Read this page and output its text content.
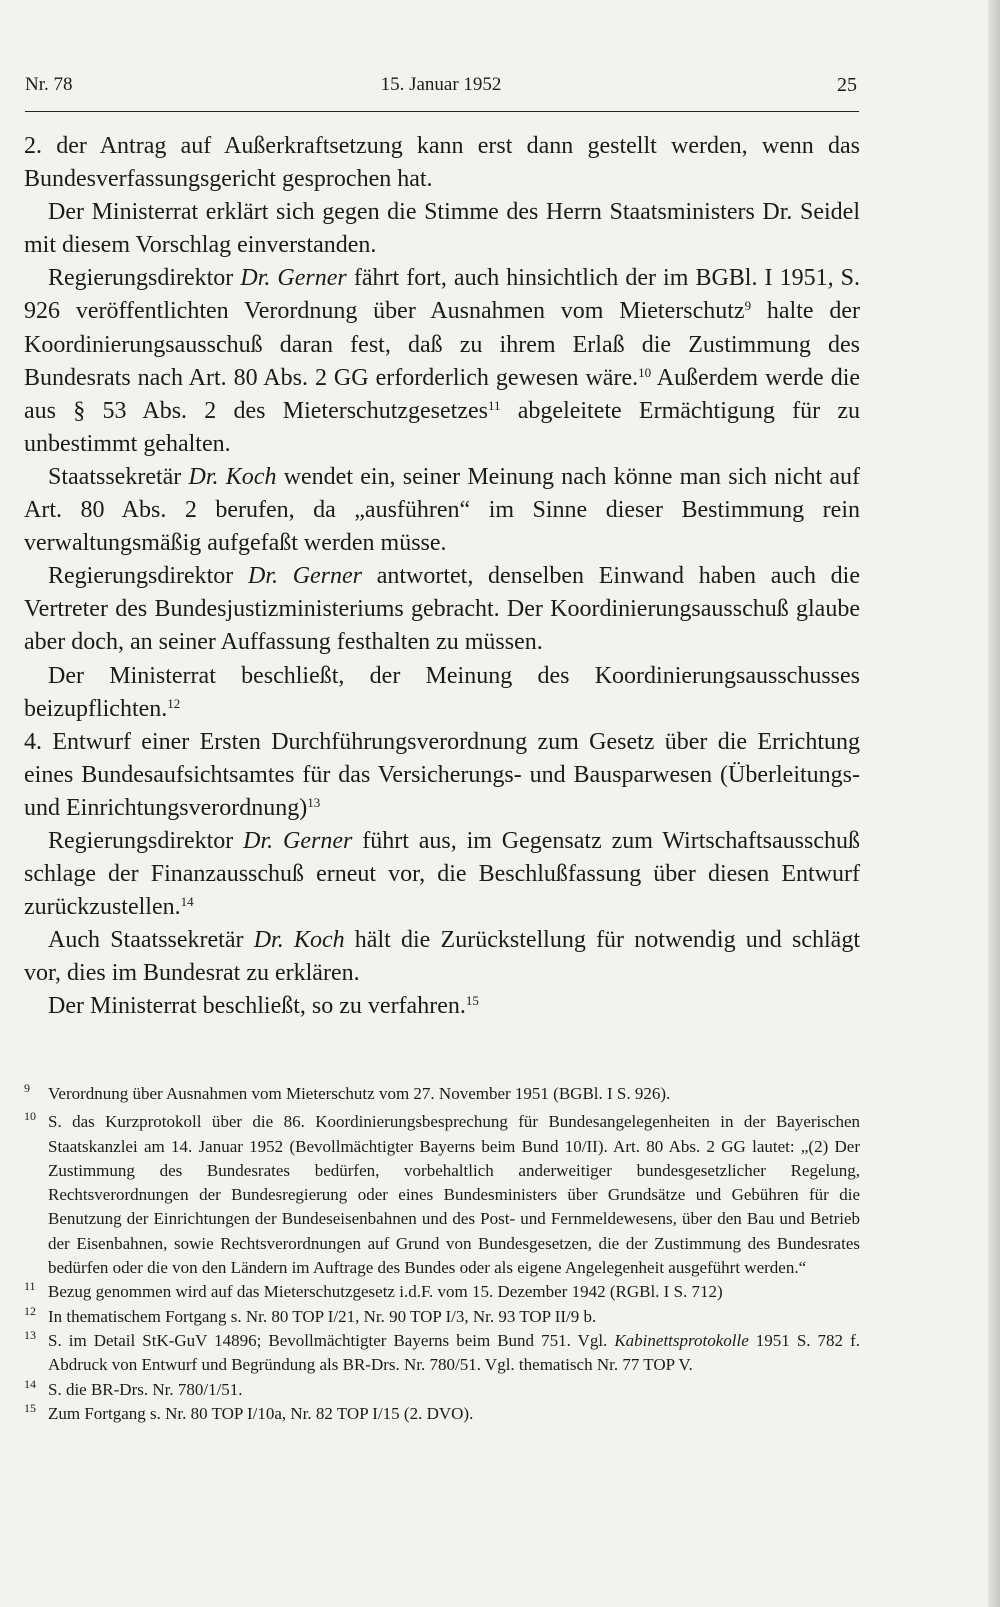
Nr. 78	15. Januar 1952	25

2. der Antrag auf Außerkraftsetzung kann erst dann gestellt werden, wenn das Bundesverfassungsgericht gesprochen hat.

Der Ministerrat erklärt sich gegen die Stimme des Herrn Staatsministers Dr. Seidel mit diesem Vorschlag einverstanden.

Regierungsdirektor Dr. Gerner fährt fort, auch hinsichtlich der im BGBl. I 1951, S. 926 veröffentlichten Verordnung über Ausnahmen vom Mieterschutz$^9$ halte der Koordinierungsausschuß daran fest, daß zu ihrem Erlaß die Zustimmung des Bundesrats nach Art. 80 Abs. 2 GG erforderlich gewesen wäre.$^{10}$ Außerdem werde die aus § 53 Abs. 2 des Mieterschutzgesetzes$^{11}$ abgeleitete Ermächtigung für zu unbestimmt gehalten.

Staatssekretär Dr. Koch wendet ein, seiner Meinung nach könne man sich nicht auf Art. 80 Abs. 2 berufen, da „ausführen“ im Sinne dieser Bestimmung rein verwaltungsmäßig aufgefaßt werden müsse.

Regierungsdirektor Dr. Gerner antwortet, denselben Einwand haben auch die Vertreter des Bundesjustizministeriums gebracht. Der Koordinierungsausschuß glaube aber doch, an seiner Auffassung festhalten zu müssen.

Der Ministerrat beschließt, der Meinung des Koordinierungsausschusses beizupflichten.$^{12}$

4. Entwurf einer Ersten Durchführungsverordnung zum Gesetz über die Errichtung eines Bundesaufsichtsamtes für das Versicherungs- und Bausparwesen (Überleitungs- und Einrichtungsverordnung)$^{13}$

Regierungsdirektor Dr. Gerner führt aus, im Gegensatz zum Wirtschaftsausschuß schlage der Finanzausschuß erneut vor, die Beschlußfassung über diesen Entwurf zurückzustellen.$^{14}$

Auch Staatssekretär Dr. Koch hält die Zurückstellung für notwendig und schlägt vor, dies im Bundesrat zu erklären.

Der Ministerrat beschließt, so zu verfahren.$^{15}$

9 Verordnung über Ausnahmen vom Mieterschutz vom 27. November 1951 (BGBl. I S. 926).
10 S. das Kurzprotokoll über die 86. Koordinierungsbesprechung für Bundesangelegenheiten in der Bayerischen Staatskanzlei am 14. Januar 1952 (Bevollmächtigter Bayerns beim Bund 10/II). Art. 80 Abs. 2 GG lautet: „(2) Der Zustimmung des Bundesrates bedürfen, vorbehaltlich anderweitiger bundesgesetzlicher Regelung, Rechtsverordnungen der Bundesregierung oder eines Bundesministers über Grundsätze und Gebühren für die Benutzung der Einrichtungen der Bundeseisenbahnen und des Post- und Fernmeldewesens, über den Bau und Betrieb der Eisenbahnen, sowie Rechtsverordnungen auf Grund von Bundesgesetzen, die der Zustimmung des Bundesrates bedürfen oder die von den Ländern im Auftrage des Bundes oder als eigene Angelegenheit ausgeführt werden.“
11 Bezug genommen wird auf das Mieterschutzgesetz i.d.F. vom 15. Dezember 1942 (RGBl. I S. 712)
12 In thematischem Fortgang s. Nr. 80 TOP I/21, Nr. 90 TOP I/3, Nr. 93 TOP II/9 b.
13 S. im Detail StK-GuV 14896; Bevollmächtigter Bayerns beim Bund 751. Vgl. Kabinettsprotokolle 1951 S. 782 f. Abdruck von Entwurf und Begründung als BR-Drs. Nr. 780/51. Vgl. thematisch Nr. 77 TOP V.
14 S. die BR-Drs. Nr. 780/1/51.
15 Zum Fortgang s. Nr. 80 TOP I/10a, Nr. 82 TOP I/15 (2. DVO).
